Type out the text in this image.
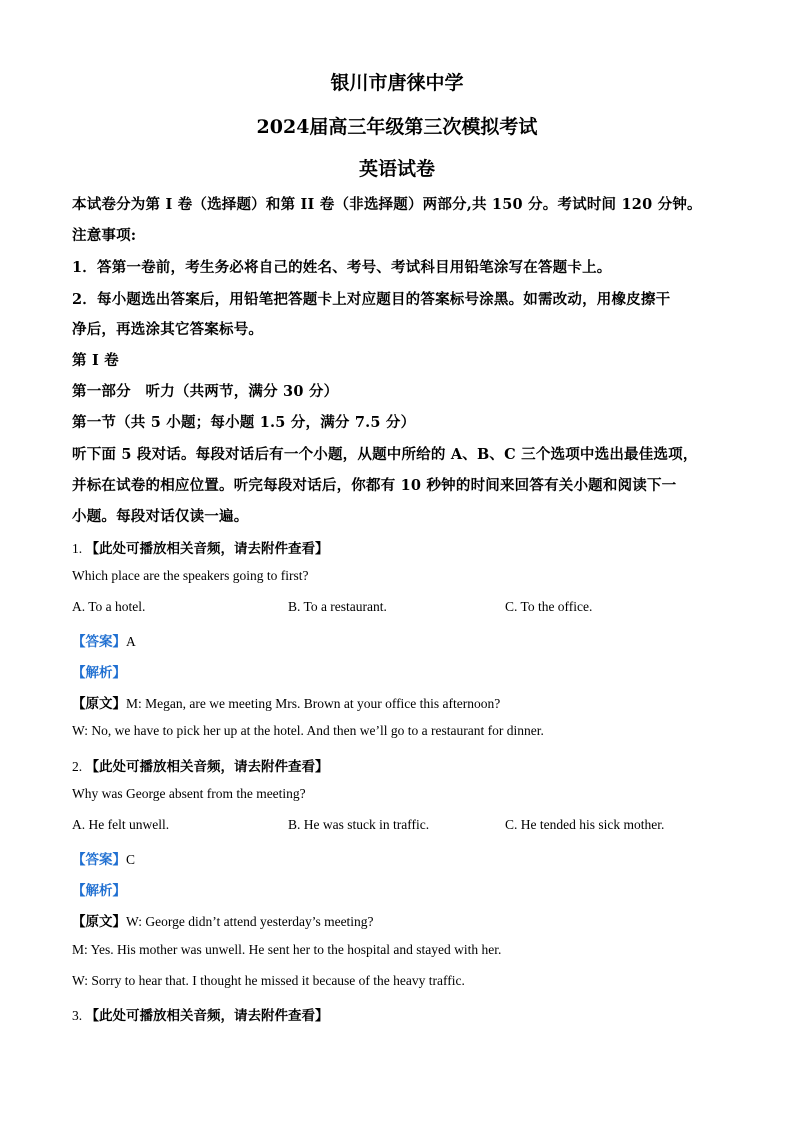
银川市唐徕中学
2024届高三年级第三次模拟考试
英语试卷
本试卷分为第 I 卷（选择题）和第 II 卷（非选择题）两部分,共 150 分。考试时间 120 分钟。
注意事项:
1．答第一卷前，考生务必将自己的姓名、考号、考试科目用铅笔涂写在答题卡上。
2．每小题选出答案后，用铅笔把答题卡上对应题目的答案标号涂黑。如需改动，用橡皮擦干
净后，再选涂其它答案标号。
第 I 卷
第一部分　听力（共两节，满分 30 分）
第一节（共 5 小题；每小题 1.5 分，满分 7.5 分）
听下面 5 段对话。每段对话后有一个小题，从题中所给的 A、B、C 三个选项中选出最佳选项，
并标在试卷的相应位置。听完每段对话后，你都有 10 秒钟的时间来回答有关小题和阅读下一
小题。每段对话仅读一遍。
1. 【此处可播放相关音频，请去附件查看】
Which place are the speakers going to first?
A. To a hotel.	B. To a restaurant.	C. To the office.
【答案】A
【解析】
【原文】M: Megan, are we meeting Mrs. Brown at your office this afternoon?
W: No, we have to pick her up at the hotel. And then we’ll go to a restaurant for dinner.
2. 【此处可播放相关音频，请去附件查看】
Why was George absent from the meeting?
A. He felt unwell.	B. He was stuck in traffic.	C. He tended his sick mother.
【答案】C
【解析】
【原文】W: George didn’t attend yesterday’s meeting?
M: Yes. His mother was unwell. He sent her to the hospital and stayed with her.
W: Sorry to hear that. I thought he missed it because of the heavy traffic.
3. 【此处可播放相关音频，请去附件查看】
